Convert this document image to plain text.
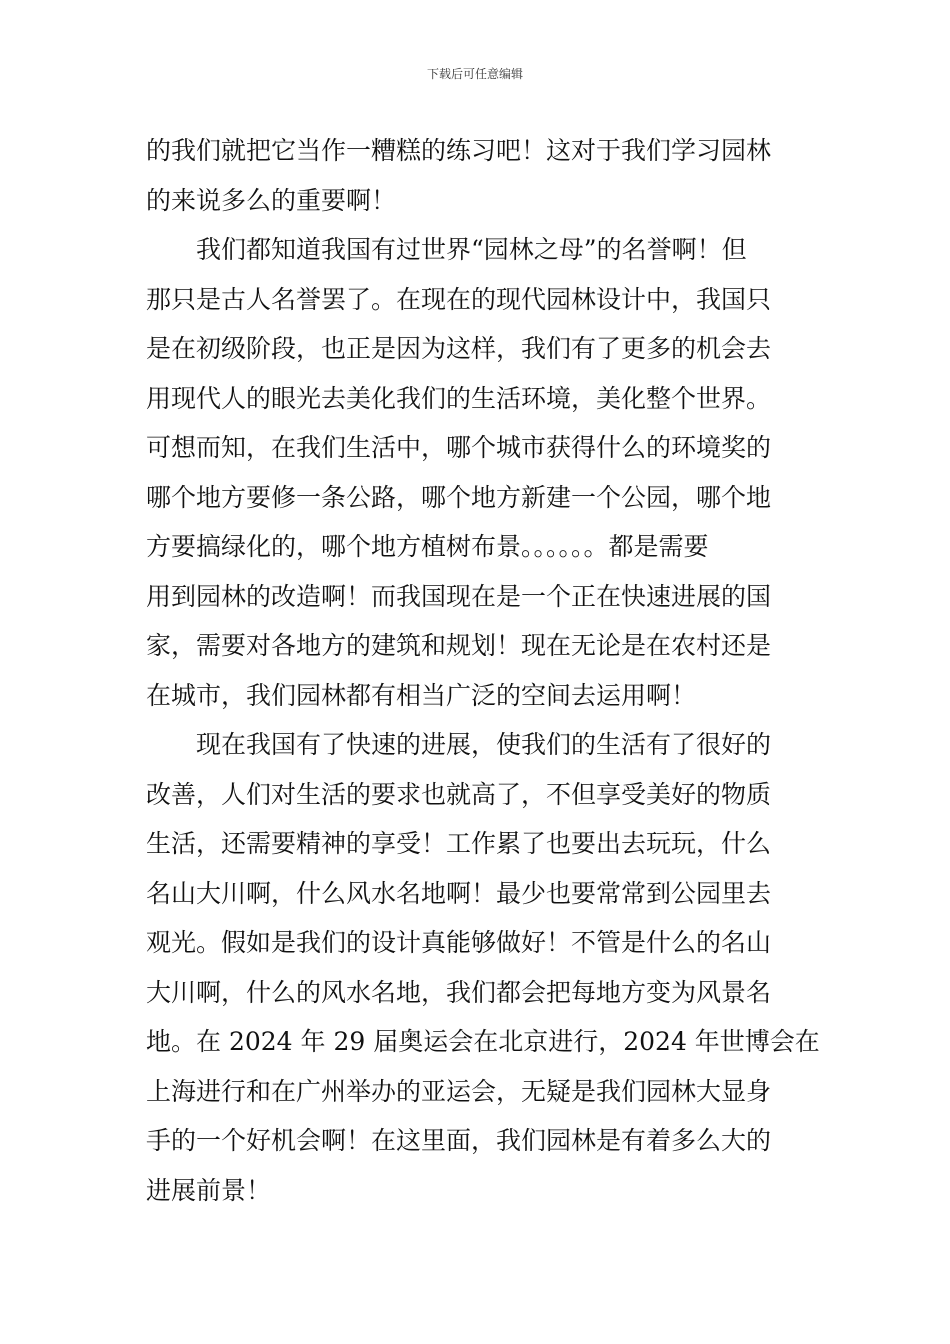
下载后可任意编辑
的我们就把它当作一糟糕的练习吧！这对于我们学习园林
的来说多么的重要啊！
　　我们都知道我国有过世界“园林之母”的名誉啊！但
那只是古人名誉罢了。在现在的现代园林设计中，我国只
是在初级阶段，也正是因为这样，我们有了更多的机会去
用现代人的眼光去美化我们的生活环境，美化整个世界。
可想而知，在我们生活中，哪个城市获得什么的环境奖的
哪个地方要修一条公路，哪个地方新建一个公园，哪个地
方要搞绿化的，哪个地方植树布景。。。。。。都是需要
用到园林的改造啊！而我国现在是一个正在快速进展的国
家，需要对各地方的建筑和规划！现在无论是在农村还是
在城市，我们园林都有相当广泛的空间去运用啊！
　　现在我国有了快速的进展，使我们的生活有了很好的
改善，人们对生活的要求也就高了，不但享受美好的物质
生活，还需要精神的享受！工作累了也要出去玩玩，什么
名山大川啊，什么风水名地啊！最少也要常常到公园里去
观光。假如是我们的设计真能够做好！不管是什么的名山
大川啊，什么的风水名地，我们都会把每地方变为风景名
地。在 2024 年 29 届奥运会在北京进行，2024 年世博会在
上海进行和在广州举办的亚运会，无疑是我们园林大显身
手的一个好机会啊！在这里面，我们园林是有着多么大的
进展前景！
